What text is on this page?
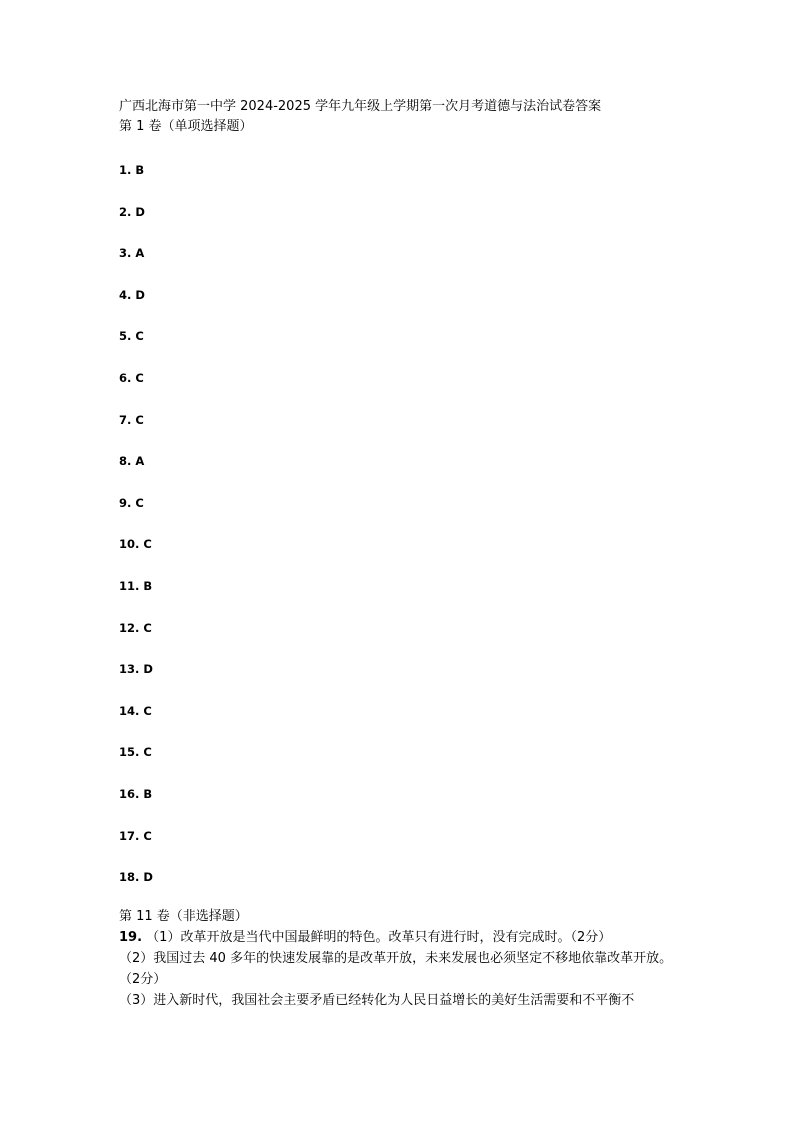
广西北海市第一中学 2024-2025 学年九年级上学期第一次月考道德与法治试卷答案
第 1 卷（单项选择题）
1. B
2. D
3. A
4. D
5. C
6. C
7. C
8. A
9. C
10. C
11. B
12. C
13. D
14. C
15. C
16. B
17. C
18. D
第 11 卷（非选择题）

19. （1）改革开放是当代中国最鲜明的特色。改革只有进行时，没有完成时。（2分）

（2）我国过去 40 多年的快速发展靠的是改革开放，未来发展也必须坚定不移地依靠改革开放。（2分）

（3）进入新时代，我国社会主要矛盾已经转化为人民日益增长的美好生活需要和不平衡不
